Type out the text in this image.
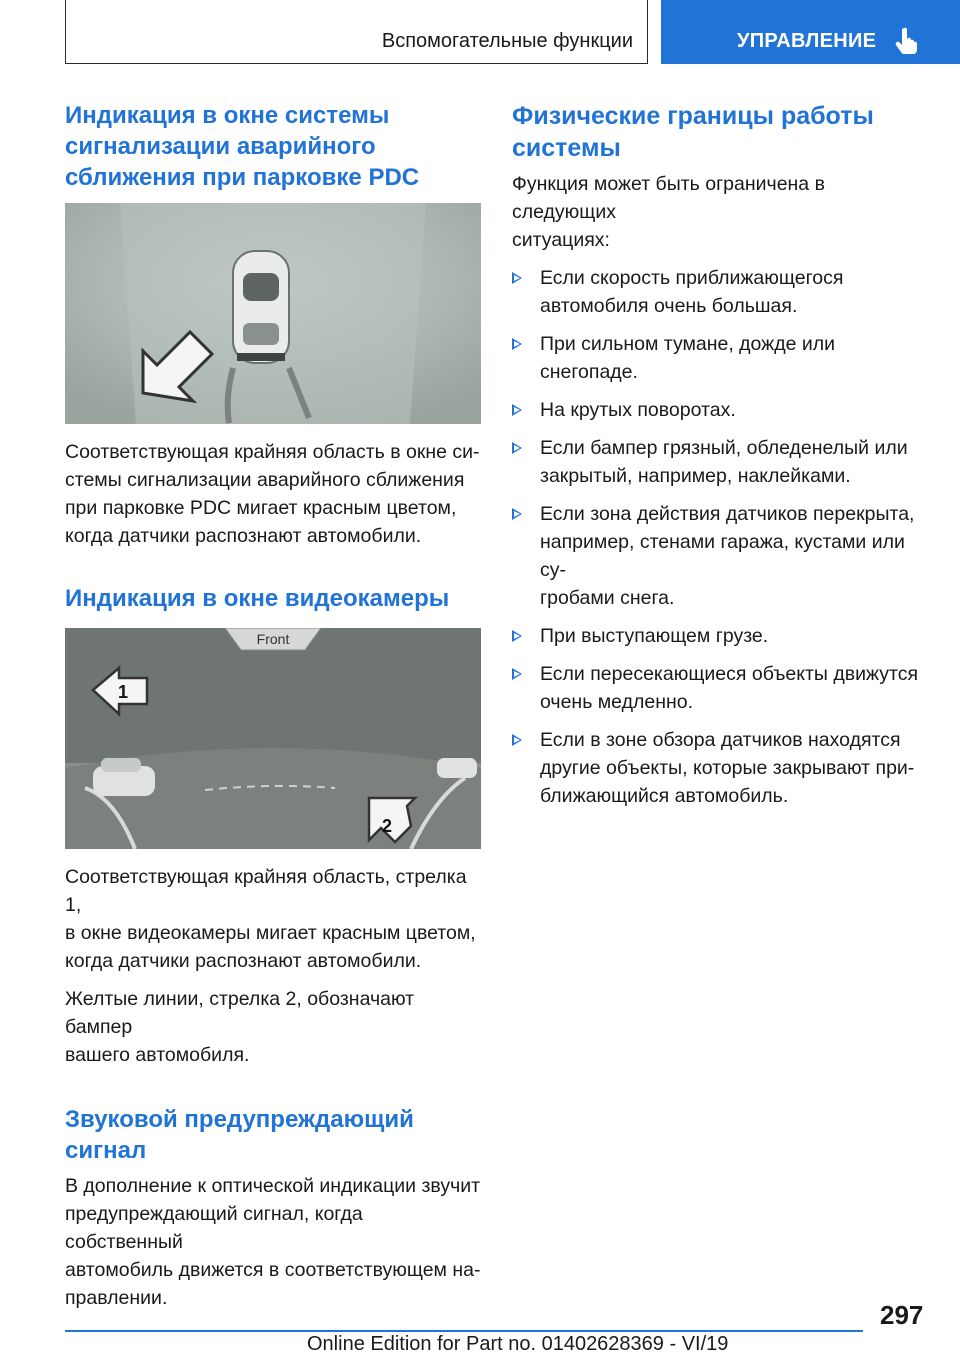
Вспомогательные функции	УПРАВЛЕНИЕ
Индикация в окне системы
сигнализации аварийного
сближения при парковке PDC

Соответствующая крайняя область в окне си-
стемы сигнализации аварийного сближения
при парковке PDC мигает красным цветом,
когда датчики распознают автомобили.

Индикация в окне видеокамеры
Front
1
2

Соответствующая крайняя область, стрелка 1,
в окне видеокамеры мигает красным цветом,
когда датчики распознают автомобили.

Желтые линии, стрелка 2, обозначают бампер
вашего автомобиля.

Звуковой предупреждающий
сигнал

В дополнение к оптической индикации звучит
предупреждающий сигнал, когда собственный
автомобиль движется в соответствующем на-
правлении.

Физические границы работы
системы

Функция может быть ограничена в следующих
ситуациях:

Если скорость приближающегося
автомобиля очень большая.
При сильном тумане, дожде или снегопаде.
На крутых поворотах.
Если бампер грязный, обледенелый или
закрытый, например, наклейками.
Если зона действия датчиков перекрыта,
например, стенами гаража, кустами или су-
гробами снега.
При выступающем грузе.
Если пересекающиеся объекты движутся
очень медленно.
Если в зоне обзора датчиков находятся
другие объекты, которые закрывают при-
ближающийся автомобиль.
297
Online Edition for Part no. 01402628369 - VI/19
